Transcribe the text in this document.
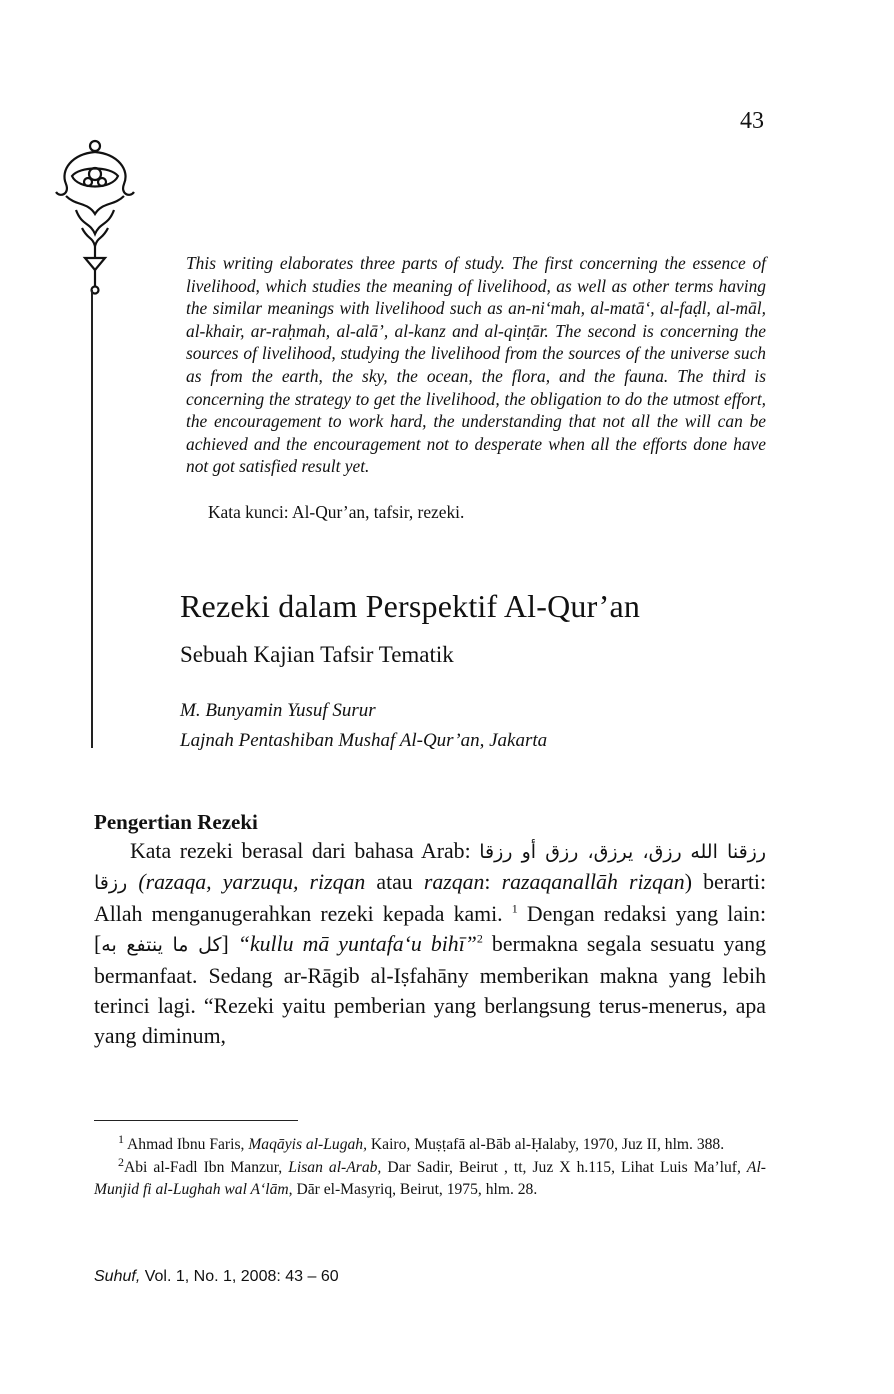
43
This writing elaborates three parts of study. The first concerning the essence of livelihood, which studies the meaning of livelihood, as well as other terms having the similar meanings with livelihood such as an-ni‘mah, al-matā‘, al-faḍl, al-māl, al-khair, ar-raḥmah, al-alā’, al-kanz and al-qinṭār. The second is concerning the sources of livelihood, studying the livelihood from the sources of the universe such as from the earth, the sky, the ocean, the flora, and the fauna. The third is concerning the strategy to get the livelihood, the obligation to do the utmost effort, the encouragement to work hard, the understanding that not all the will can be achieved and the encouragement not to desperate when all the efforts done have not got satisfied result yet.
Kata kunci: Al-Qur’an, tafsir, rezeki.
Rezeki dalam Perspektif Al-Qur’an
Sebuah Kajian Tafsir Tematik
M. Bunyamin Yusuf Surur
Lajnah Pentashiban Mushaf Al-Qur’an, Jakarta
Pengertian Rezeki

Kata rezeki berasal dari bahasa Arab: رزق، يرزق، رزق أو رزقا رزقنا الله رزقا (razaqa, yarzuqu, rizqan atau razqan: razaqanallāh rizqan) berarti: Allah menganugerahkan rezeki kepada kami. $^1$ Dengan redaksi yang lain: [كل ما ينتفع به] “kullu mā yuntafa‘u bihī”$^2$ bermakna segala sesuatu yang bermanfaat. Sedang ar-Rāgib al-Iṣfahāny memberikan makna yang lebih terinci lagi. “Rezeki yaitu pemberian yang berlangsung terus-menerus, apa yang diminum,

$^1$ Ahmad Ibnu Faris, Maqāyis al-Lugah, Kairo, Muṣṭafā al-Bāb al-Ḥalaby, 1970, Juz II, hlm. 388.

$^2$Abi al-Fadl Ibn Manzur, Lisan al-Arab, Dar Sadir, Beirut , tt, Juz X h.115, Lihat Luis Ma’luf, Al-Munjid fi al-Lughah wal A‘lām, Dār el-Masyriq, Beirut, 1975, hlm. 28.

Suhuf, Vol. 1, No. 1, 2008: 43 – 60
